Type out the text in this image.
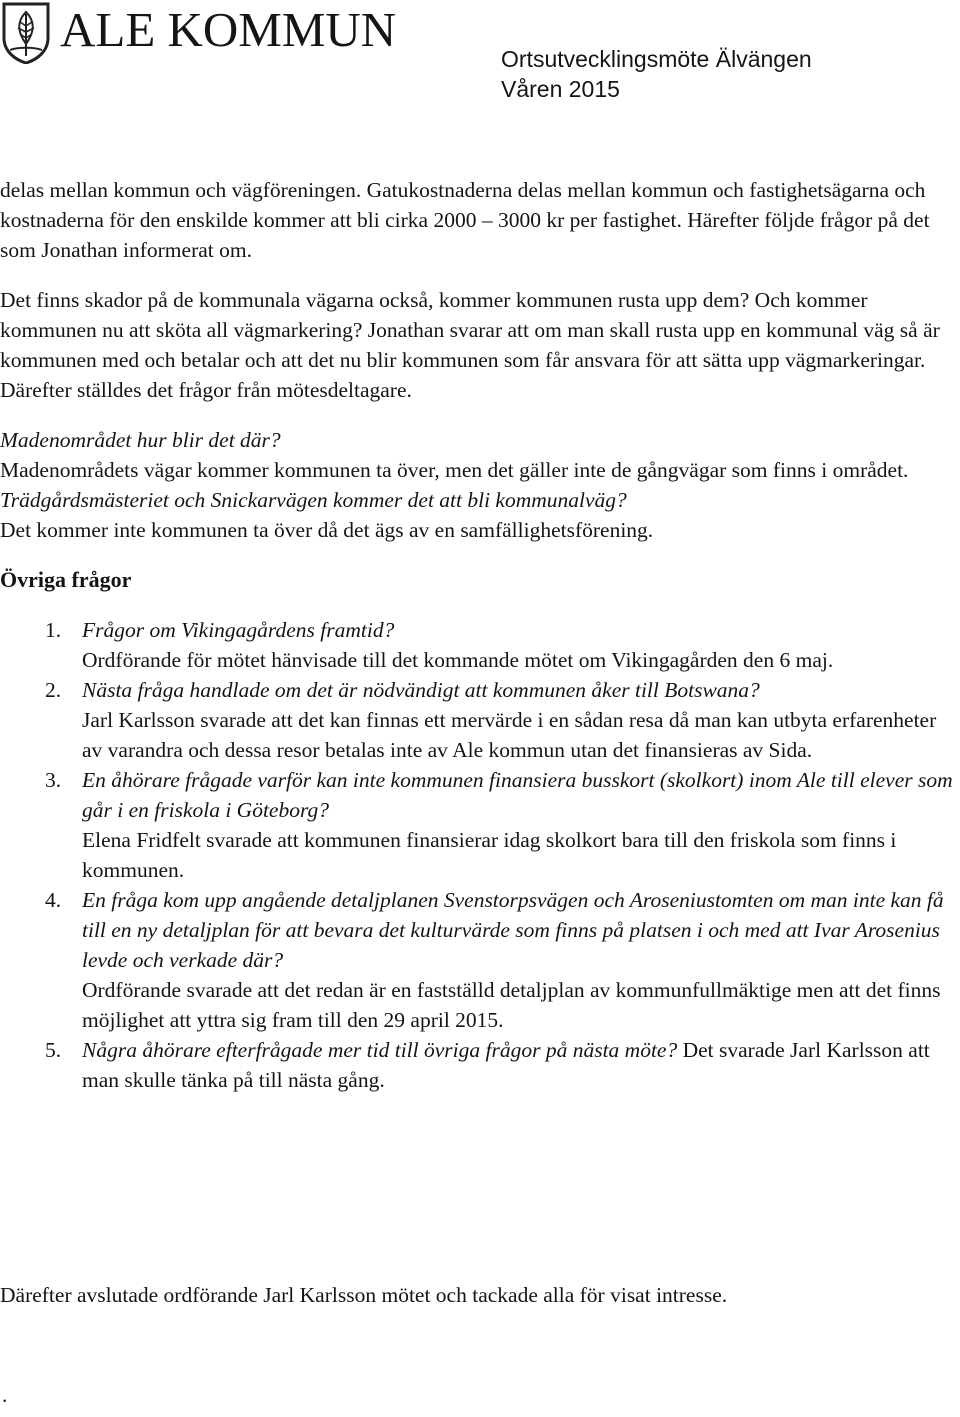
ALE KOMMUN
Ortsutvecklingsmöte Älvängen
Våren 2015

delas mellan kommun och vägföreningen. Gatukostnaderna delas mellan kommun och fastighetsägarna och kostnaderna för den enskilde kommer att bli cirka 2000 – 3000 kr per fastighet. Härefter följde frågor på det som Jonathan informerat om.

Det finns skador på de kommunala vägarna också, kommer kommunen rusta upp dem? Och kommer kommunen nu att sköta all vägmarkering? Jonathan svarar att om man skall rusta upp en kommunal väg så är kommunen med och betalar och att det nu blir kommunen som får ansvara för att sätta upp vägmarkeringar. Därefter ställdes det frågor från mötesdeltagare.

Madenområdet hur blir det där?

Madenområdets vägar kommer kommunen ta över, men det gäller inte de gångvägar som finns i området.

Trädgårdsmästeriet och Snickarvägen kommer det att bli kommunalväg?

Det kommer inte kommunen ta över då det ägs av en samfällighetsförening.

Övriga frågor
1. Frågor om Vikingagårdens framtid?
Ordförande för mötet hänvisade till det kommande mötet om Vikingagården den 6 maj.
2. Nästa fråga handlade om det är nödvändigt att kommunen åker till Botswana?
Jarl Karlsson svarade att det kan finnas ett mervärde i en sådan resa då man kan utbyta erfarenheter av varandra och dessa resor betalas inte av Ale kommun utan det finansieras av Sida.
3. En åhörare frågade varför kan inte kommunen finansiera busskort (skolkort) inom Ale till elever som går i en friskola i Göteborg?
Elena Fridfelt svarade att kommunen finansierar idag skolkort bara till den friskola som finns i kommunen.
4. En fråga kom upp angående detaljplanen Svenstorpsvägen och Aroseniustomten om man inte kan få till en ny detaljplan för att bevara det kulturvärde som finns på platsen i och med att Ivar Arosenius levde och verkade där?
Ordförande svarade att det redan är en fastställd detaljplan av kommunfullmäktige men att det finns möjlighet att yttra sig fram till den 29 april 2015.
5. Några åhörare efterfrågade mer tid till övriga frågor på nästa möte? Det svarade Jarl Karlsson att man skulle tänka på till nästa gång.

Därefter avslutade ordförande Jarl Karlsson mötet och tackade alla för visat intresse.

.
